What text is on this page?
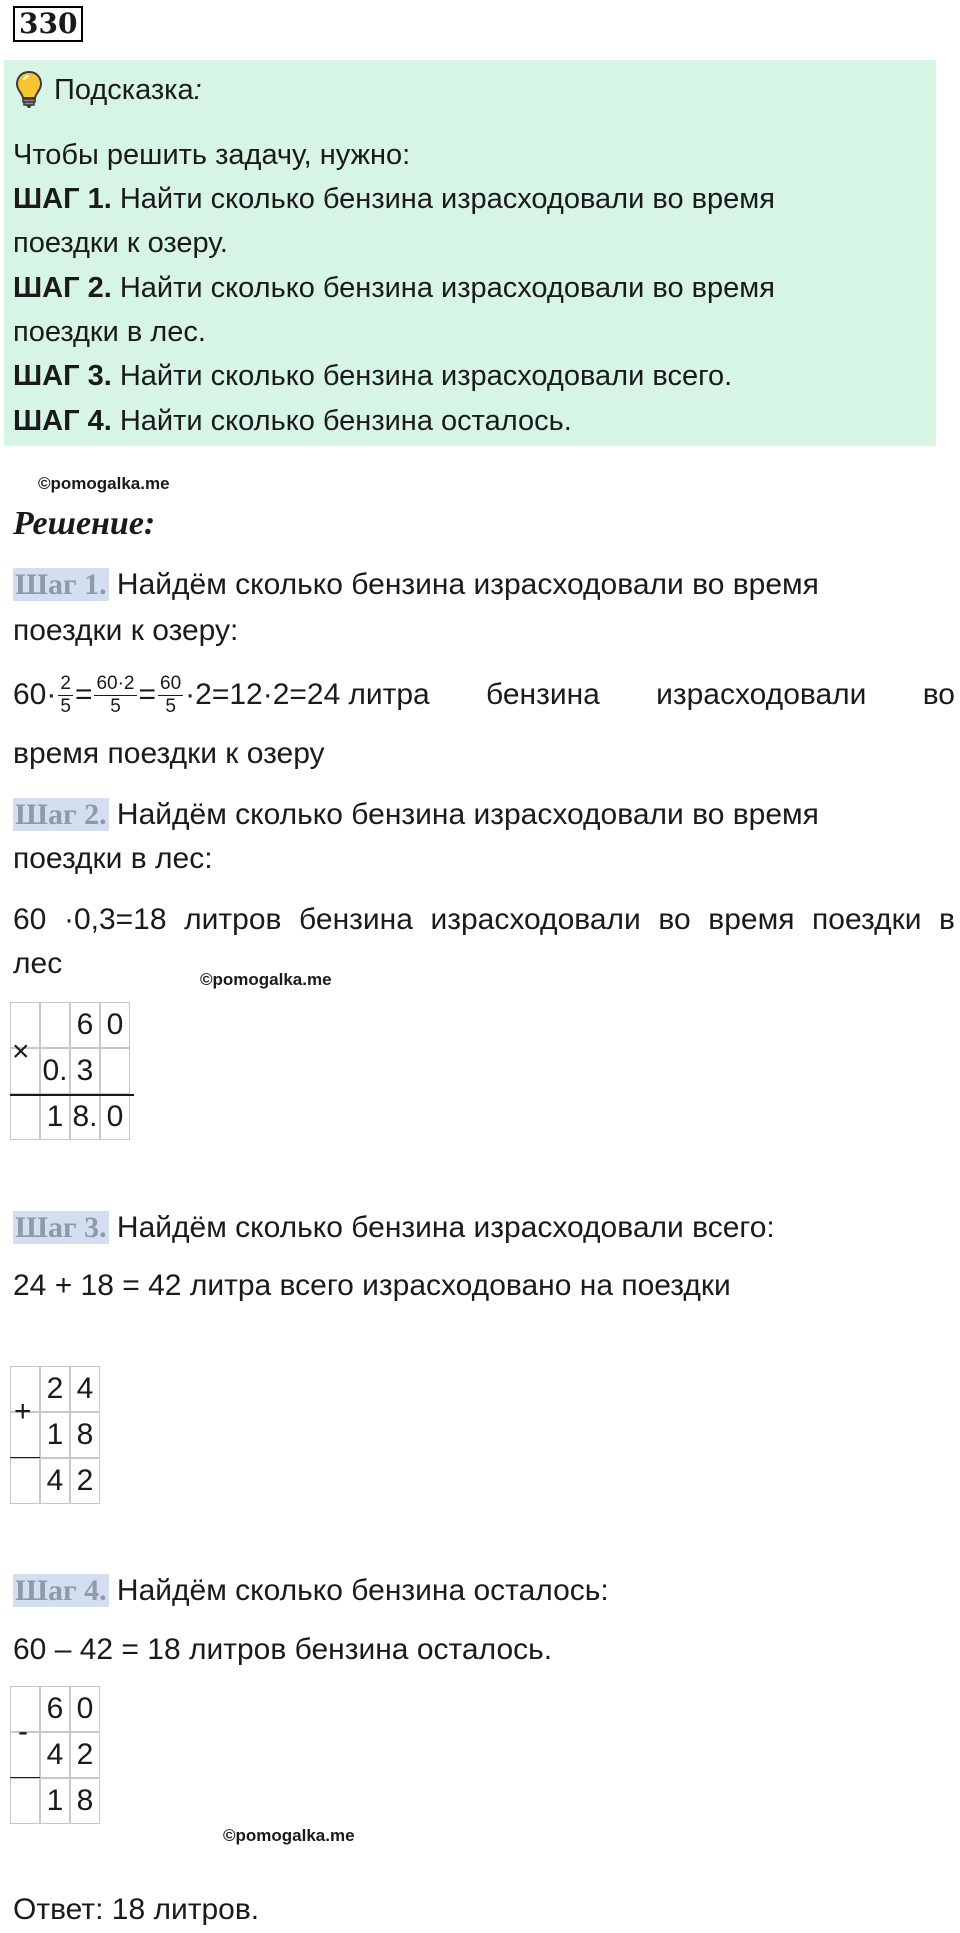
330
Подсказка :
Чтобы решить задачу, нужно:
ШАГ 1. Найти сколько бензина израсходовали во время
поездки к озеру.
ШАГ 2. Найти сколько бензина израсходовали во время
поездки в лес.
ШАГ 3. Найти сколько бензина израсходовали всего.
ШАГ 4. Найти сколько бензина осталось.
©pomogalka.me
Решение:
Шаг 1. Найдём сколько бензина израсходовали во время
поездки к озеру:
$60\cdot \frac{2}{5} = \frac{60\cdot 2}{5} = \frac{60}{5} \cdot 2=12\cdot 2=24$ литра бензина израсходовали во
время поездки к озеру
Шаг 2. Найдём сколько бензина израсходовали во время
поездки в лес:
60 ·0,3=18 литров бензина израсходовали во время поездки в
лес	©pomogalka.me
×
6 0
0. 3
1 8. 0
Шаг 3. Найдём сколько бензина израсходовали всего:
24 + 18 = 42 литра всего израсходовано на поездки
+
2 4
1 8
4 2
Шаг 4. Найдём сколько бензина осталось:
60 – 42 = 18 литров бензина осталось.
-
6 0
4 2
1 8
©pomogalka.me
Ответ: 18 литров.
